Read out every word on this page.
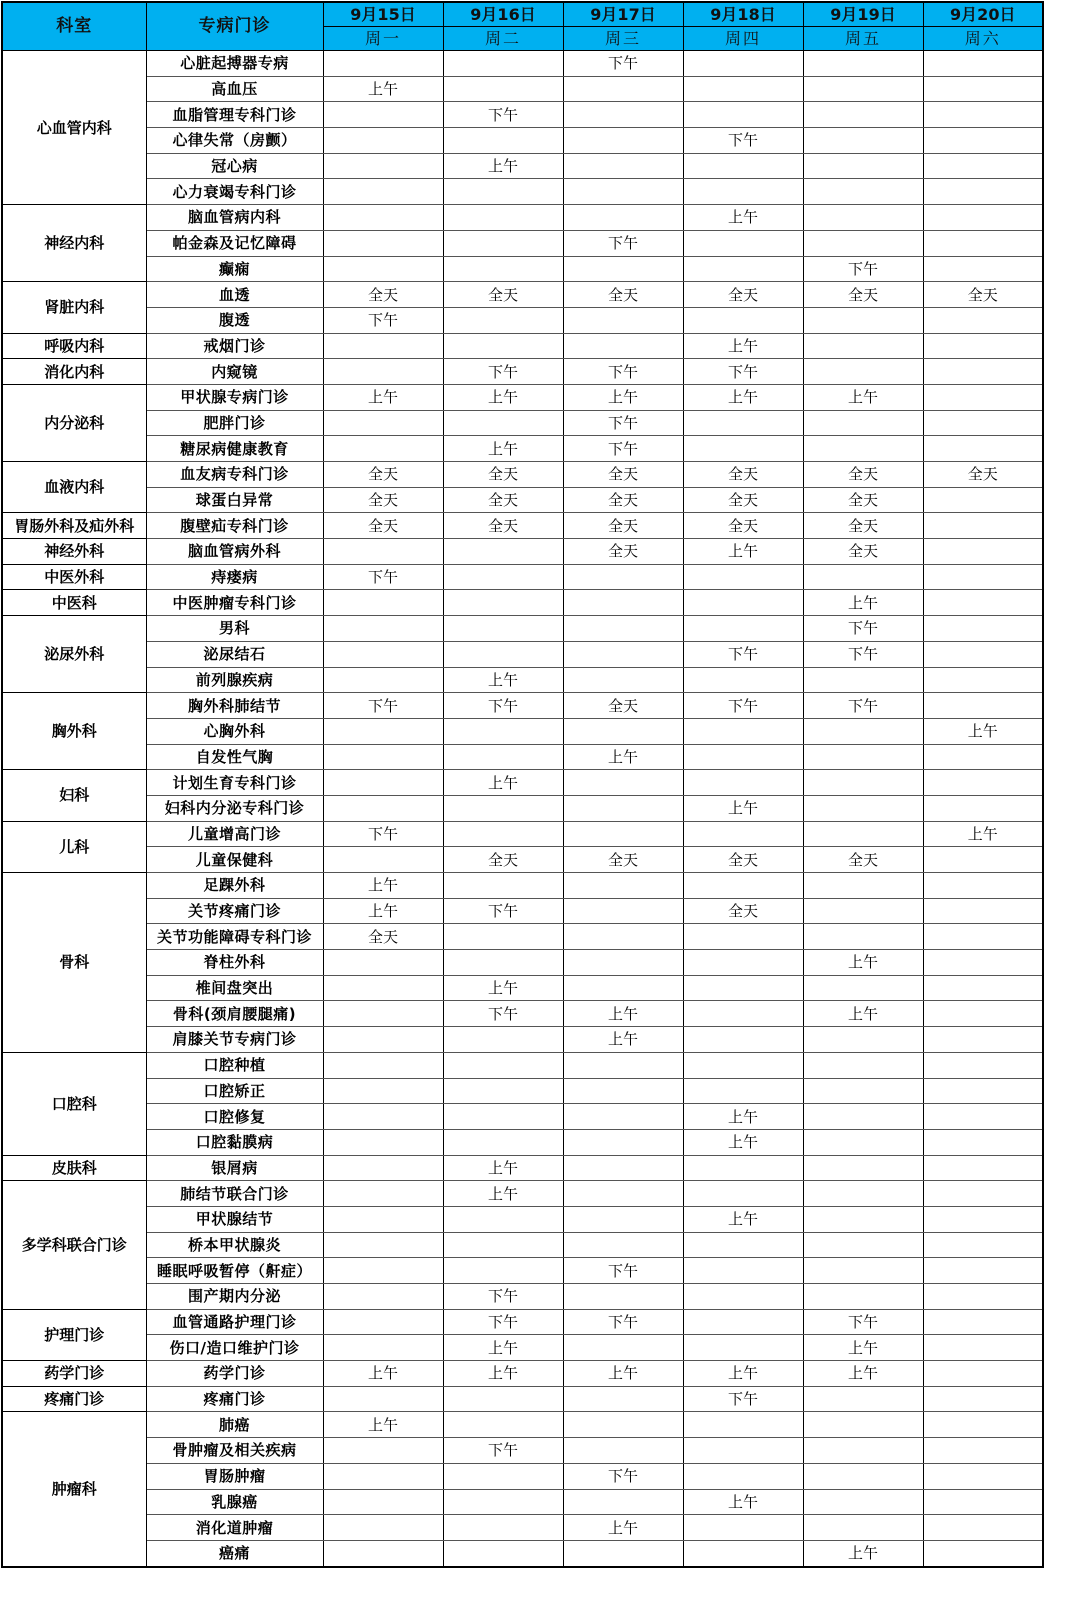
科室	专病门诊	9月15日	9月16日	9月17日	9月18日	9月19日	9月20日
		周一	周二	周三	周四	周五	周六
心血管内科	心脏起搏器专病			下午			
	高血压	上午					
	血脂管理专科门诊		下午				
	心律失常（房颤）				下午		
	冠心病		上午				
	心力衰竭专科门诊						
神经内科	脑血管病内科				上午		
	帕金森及记忆障碍			下午			
	癫痫					下午	
肾脏内科	血透	全天	全天	全天	全天	全天	全天
	腹透	下午					
呼吸内科	戒烟门诊				上午		
消化内科	内窥镜		下午	下午	下午		
内分泌科	甲状腺专病门诊	上午	上午	上午	上午	上午	
	肥胖门诊			下午			
	糖尿病健康教育		上午	下午			
血液内科	血友病专科门诊	全天	全天	全天	全天	全天	全天
	球蛋白异常	全天	全天	全天	全天	全天	
胃肠外科及疝外科	腹壁疝专科门诊	全天	全天	全天	全天	全天	
神经外科	脑血管病外科			全天	上午	全天	
中医外科	痔瘘病	下午					
中医科	中医肿瘤专科门诊					上午	
泌尿外科	男科					下午	
	泌尿结石				下午	下午	
	前列腺疾病		上午				
胸外科	胸外科肺结节	下午	下午	全天	下午	下午	
	心胸外科						上午
	自发性气胸			上午			
妇科	计划生育专科门诊		上午				
	妇科内分泌专科门诊				上午		
儿科	儿童增高门诊	下午					上午
	儿童保健科		全天	全天	全天	全天	
骨科	足踝外科	上午					
	关节疼痛门诊	上午	下午		全天		
	关节功能障碍专科门诊	全天					
	脊柱外科					上午	
	椎间盘突出		上午				
	骨科(颈肩腰腿痛)		下午	上午		上午	
	肩膝关节专病门诊			上午			
口腔科	口腔种植						
	口腔矫正						
	口腔修复				上午		
	口腔黏膜病				上午		
皮肤科	银屑病		上午				
多学科联合门诊	肺结节联合门诊		上午				
	甲状腺结节				上午		
	桥本甲状腺炎						
	睡眠呼吸暂停（鼾症）			下午			
	围产期内分泌		下午				
护理门诊	血管通路护理门诊		下午	下午		下午	
	伤口/造口维护门诊		上午			上午	
药学门诊	药学门诊	上午	上午	上午	上午	上午	
疼痛门诊	疼痛门诊				下午		
肿瘤科	肺癌	上午					
	骨肿瘤及相关疾病		下午				
	胃肠肿瘤			下午			
	乳腺癌				上午		
	消化道肿瘤			上午			
	癌痛					上午	
